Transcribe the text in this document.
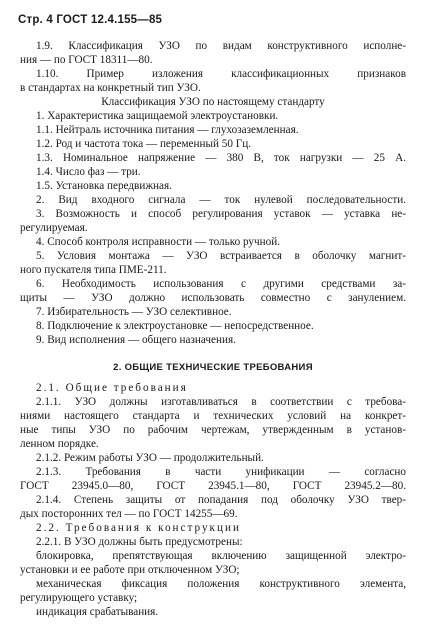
Стр. 4 ГОСТ 12.4.155—85
1.9. Классификация УЗО по видам конструктивного исполне-
ния — по ГОСТ 18311—80.
1.10. Пример изложения классификационных признаков
в стандартах на конкретный тип УЗО.
Классификация УЗО по настоящему стандарту
1. Характеристика защищаемой электроустановки.
1.1. Нейтраль источника питания — глухозаземленная.
1.2. Род и частота тока — переменный 50 Гц.
1.3. Номинальное напряжение — 380 В, ток нагрузки — 25 А.
1.4. Число фаз — три.
1.5. Установка передвижная.
2. Вид входного сигнала — ток нулевой последовательности.
3. Возможность и способ регулирования уставок — уставка не-
регулируемая.
4. Способ контроля исправности — только ручной.
5. Условия монтажа — УЗО встраивается в оболочку магнит-
ного пускателя типа ПМЕ-211.
6. Необходимость использования с другими средствами за-
щиты — УЗО должно использовать совместно с занулением.
7. Избирательность — УЗО селективное.
8. Подключение к электроустановке — непосредственное.
9. Вид исполнения — общего назначения.
2. ОБЩИЕ ТЕХНИЧЕСКИЕ ТРЕБОВАНИЯ
2.1. Общие требования
2.1.1. УЗО должны изготавливаться в соответствии с требова-
ниями настоящего стандарта и технических условий на конкрет-
ные типы УЗО по рабочим чертежам, утвержденным в установ-
ленном порядке.
2.1.2. Режим работы УЗО — продолжительный.
2.1.3. Требования в части унификации — согласно
ГОСТ 23945.0—80, ГОСТ 23945.1—80, ГОСТ 23945.2—80.
2.1.4. Степень защиты от попадания под оболочку УЗО твер-
дых посторонних тел — по ГОСТ 14255—69.
2.2. Требования к конструкции
2.2.1. В УЗО должны быть предусмотрены:
блокировка, препятствующая включению защищенной электро-
установки и ее работе при отключенном УЗО;
механическая фиксация положения конструктивного элемента,
регулирующего уставку;
индикация срабатывания.
